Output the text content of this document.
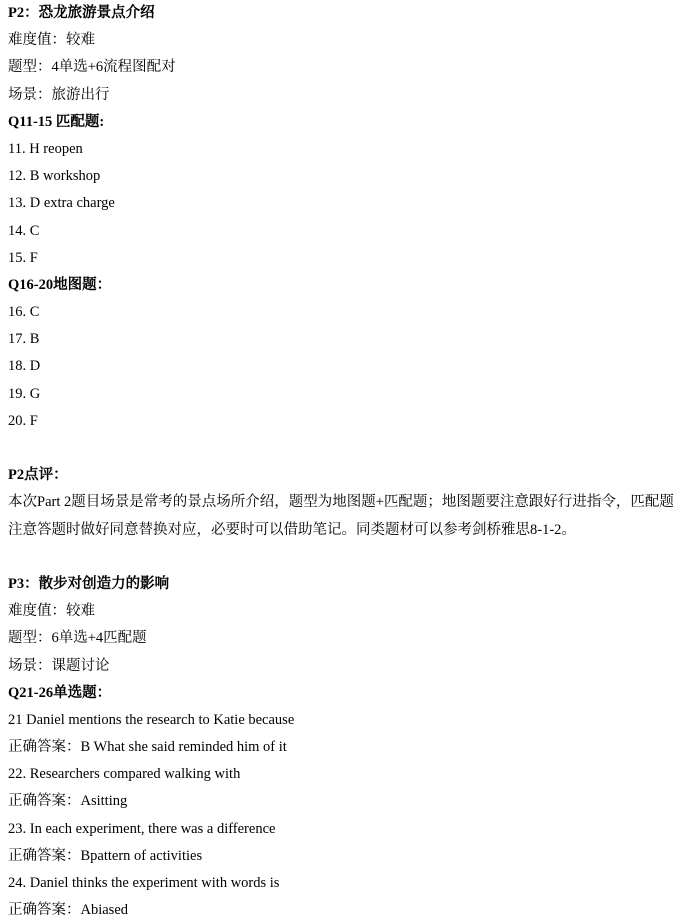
P2：恐龙旅游景点介绍
难度值：较难
题型：4单选+6流程图配对
场景：旅游出行
Q11-15 匹配题:
11. H reopen
12. B workshop
13. D extra charge
14. C
15. F
Q16-20地图题：
16. C
17. B
18. D
19. G
20. F
P2点评：
本次Part 2题目场景是常考的景点场所介绍，题型为地图题+匹配题；地图题要注意跟好行进指令，匹配题注意答题时做好同意替换对应，必要时可以借助笔记。同类题材可以参考剑桥雅思8-1-2。
P3：散步对创造力的影响
难度值：较难
题型：6单选+4匹配题
场景：课题讨论
Q21-26单选题：
21 Daniel mentions the research to Katie because
正确答案：B What she said reminded him of it
22. Researchers compared walking with
正确答案：Asitting
23. In each experiment, there was a difference
正确答案：Bpattern of activities
24. Daniel thinks the experiment with words is
正确答案：Abiased
